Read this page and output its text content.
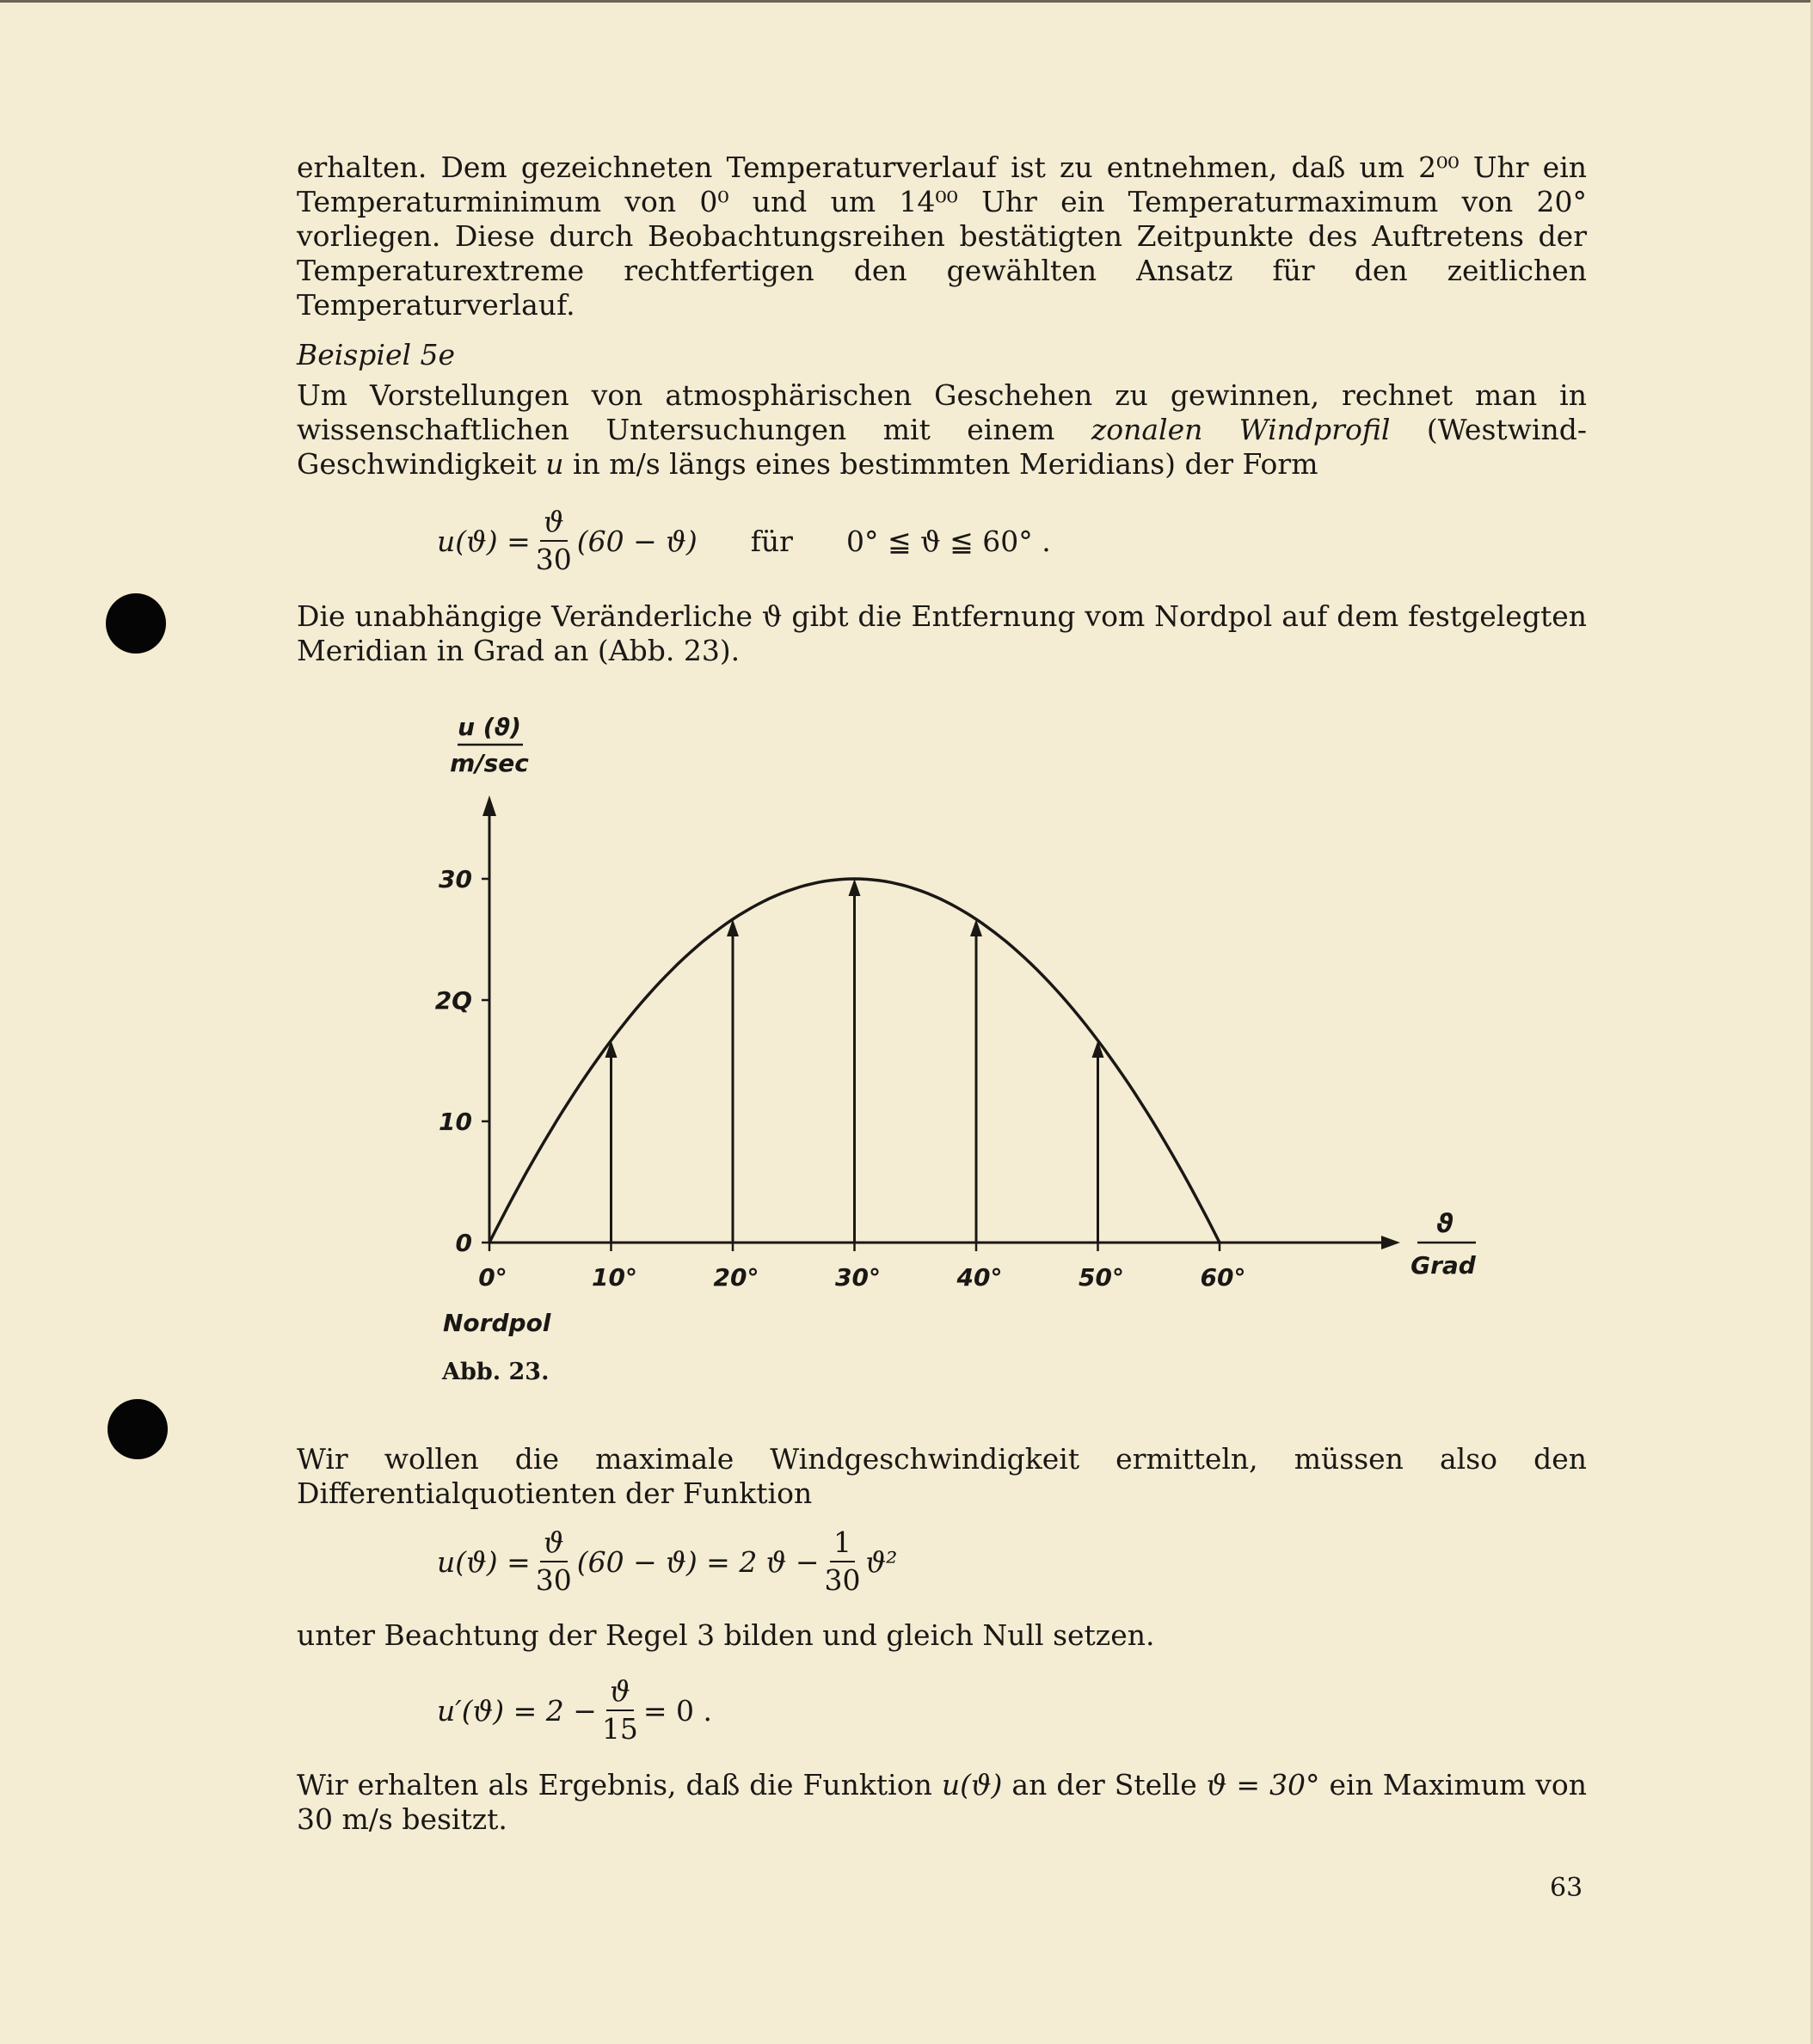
erhalten. Dem gezeichneten Temperaturverlauf ist zu entnehmen, daß um 2⁰⁰ Uhr ein Temperaturminimum von 0⁰ und um 14⁰⁰ Uhr ein Temperaturmaximum von 20° vorliegen. Diese durch Beobachtungsreihen bestätigten Zeitpunkte des Auftretens der Temperaturextreme rechtfertigen den gewählten Ansatz für den zeitlichen Temperaturverlauf.

Beispiel 5e

Um Vorstellungen von atmosphärischen Geschehen zu gewinnen, rechnet man in wissenschaftlichen Untersuchungen mit einem zonalen Windprofil (Westwind-Geschwindigkeit u in m/s längs eines bestimmten Meridians) der Form

$u(ϑ) = \frac{ϑ}{30} (60 - ϑ)$ für 0° ≦ ϑ ≦ 60° .

Die unabhängige Veränderliche ϑ gibt die Entfernung vom Nordpol auf dem festgelegten Meridian in Grad an (Abb. 23).

0
10
2Q
30
0°	10°	20°	30°	40°	50°	60°
u (ϑ)
m/sec
ϑ
Grad
Nordpol

Abb. 23.

Wir wollen die maximale Windgeschwindigkeit ermitteln, müssen also den Differentialquotienten der Funktion

$u(ϑ) = \frac{ϑ}{30} (60 - ϑ) = 2$ $ϑ - \frac{1}{30} ϑ^2$

unter Beachtung der Regel 3 bilden und gleich Null setzen.

$u'(ϑ) = 2 - \frac{ϑ}{15} = 0$ .

Wir erhalten als Ergebnis, daß die Funktion u(ϑ) an der Stelle ϑ = 30° ein Maximum von 30 m/s besitzt.

63
